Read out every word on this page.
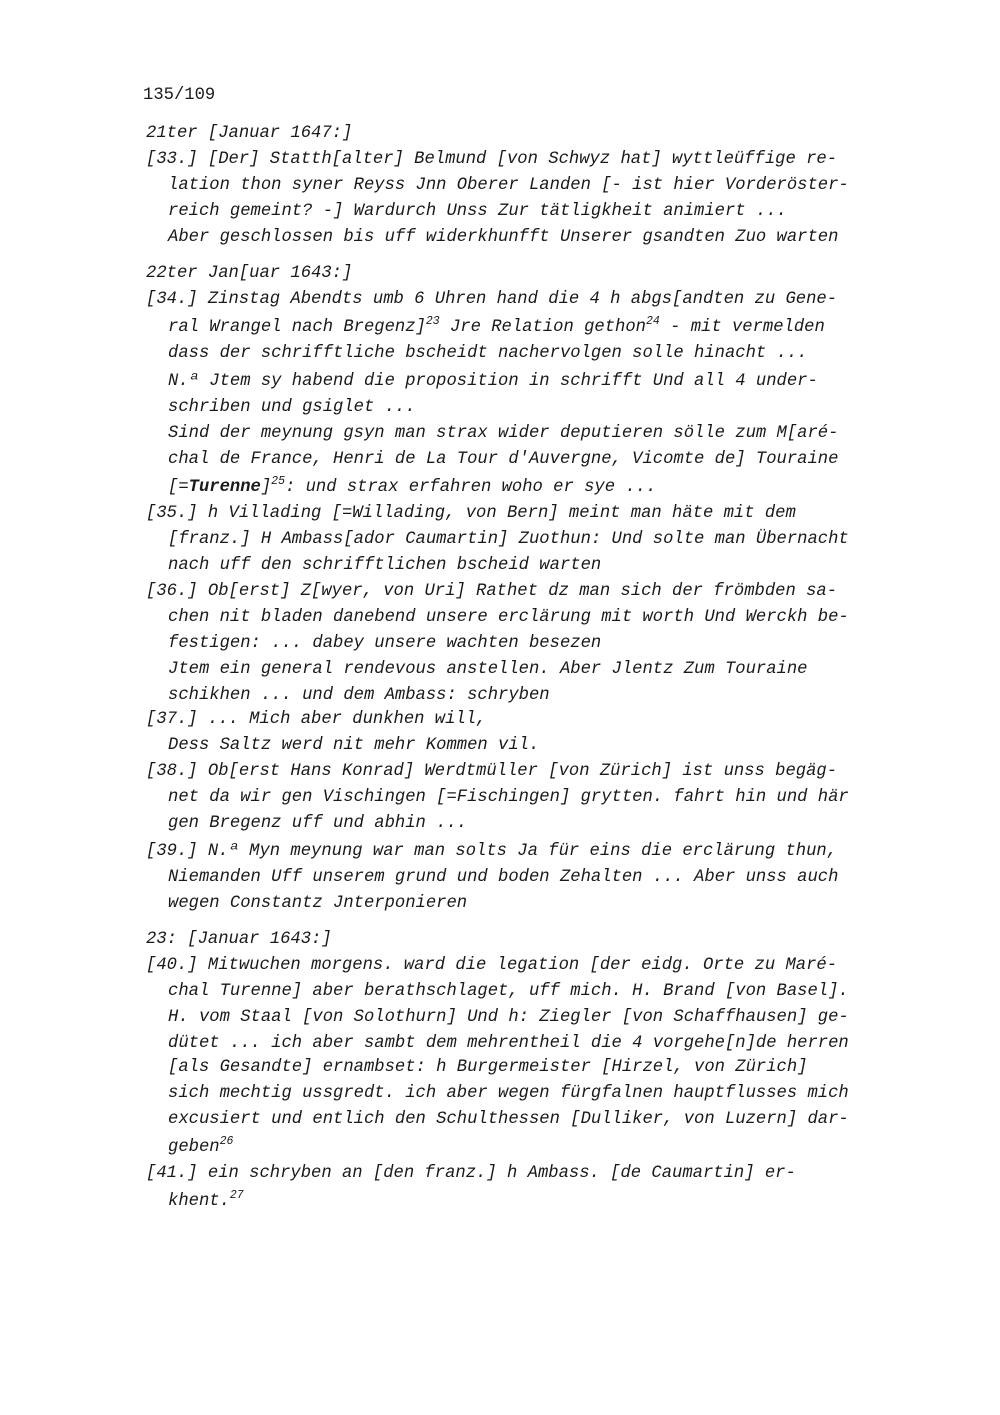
135/109
21ter [Januar 1647:]
[33.] [Der] Statth[alter] Belmund [von Schwyz hat] wyttleüffige re-
lation thon syner Reyss Jnn Oberer Landen [- ist hier Vorderöster-
reich gemeint? -] Wardurch Unss Zur tätligkheit animiert ...
Aber geschlossen bis uff widerkhunfft Unserer gsandten Zuo warten
22ter Jan[uar 1643:]
[34.] Zinstag Abendts umb 6 Uhren hand die 4 h abgs[andten zu Gene-
ral Wrangel nach Bregenz]$^{23}$ Jre Relation gethon$^{24}$ - mit vermelden
dass der schrifftliche bscheidt nachervolgen solle hinacht ...
N.ª Jtem sy habend die proposition in schrifft Und all 4 under-
schriben und gsiglet ...
Sind der meynung gsyn man strax wider deputieren sölle zum M[aré-
chal de France, Henri de La Tour d'Auvergne, Vicomte de] Touraine
[=Turenne]$^{25}$: und strax erfahren woho er sye ...
[35.] h Villading [=Willading, von Bern] meint man häte mit dem
[franz.] H Ambass[ador Caumartin] Zuothun: Und solte man Übernacht
nach uff den schrifftlichen bscheid warten
[36.] Ob[erst] Z[wyer, von Uri] Rathet dz man sich der frömbden sa-
chen nit bladen danebend unsere erclärung mit worth Und Werckh be-
festigen: ... dabey unsere wachten besezen
Jtem ein general rendevous anstellen. Aber Jlentz Zum Touraine
schikhen ... und dem Ambass: schryben
[37.] ... Mich aber dunkhen will,
Dess Saltz werd nit mehr Kommen vil.
[38.] Ob[erst Hans Konrad] Werdtmüller [von Zürich] ist unss begäg-
net da wir gen Vischingen [=Fischingen] grytten. fahrt hin und här
gen Bregenz uff und abhin ...
[39.] N.ª Myn meynung war man solts Ja für eins die erclärung thun,
Niemanden Uff unserem grund und boden Zehalten ... Aber unss auch
wegen Constantz Jnterponieren
23: [Januar 1643:]
[40.] Mitwuchen morgens. ward die legation [der eidg. Orte zu Maré-
chal Turenne] aber berathschlaget, uff mich. H. Brand [von Basel].
H. vom Staal [von Solothurn] Und h: Ziegler [von Schaffhausen] ge-
dütet ... ich aber sambt dem mehrentheil die 4 vorgehe[n]de herren
[als Gesandte] ernambset: h Burgermeister [Hirzel, von Zürich]
sich mechtig ussgredt. ich aber wegen fürgfalnen hauptflusses mich
excusiert und entlich den Schulthessen [Dulliker, von Luzern] dar-
geben$^{26}$
[41.] ein schryben an [den franz.] h Ambass. [de Caumartin] er-
khent.$^{27}$
